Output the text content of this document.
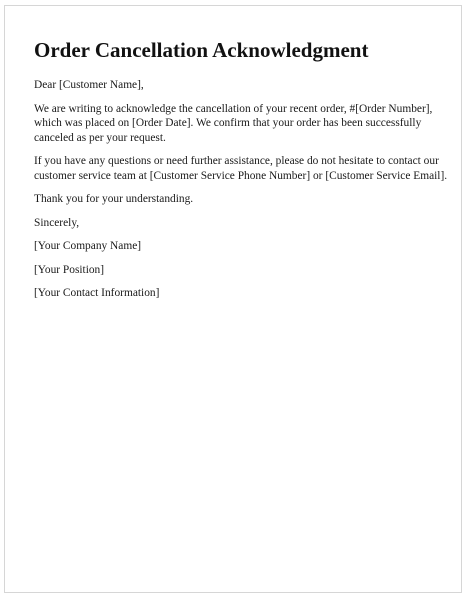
Order Cancellation Acknowledgment

Dear [Customer Name],

We are writing to acknowledge the cancellation of your recent order, #[Order Number],
which was placed on [Order Date]. We confirm that your order has been successfully
canceled as per your request.

If you have any questions or need further assistance, please do not hesitate to contact our
customer service team at [Customer Service Phone Number] or [Customer Service Email].

Thank you for your understanding.

Sincerely,

[Your Company Name]

[Your Position]

[Your Contact Information]
